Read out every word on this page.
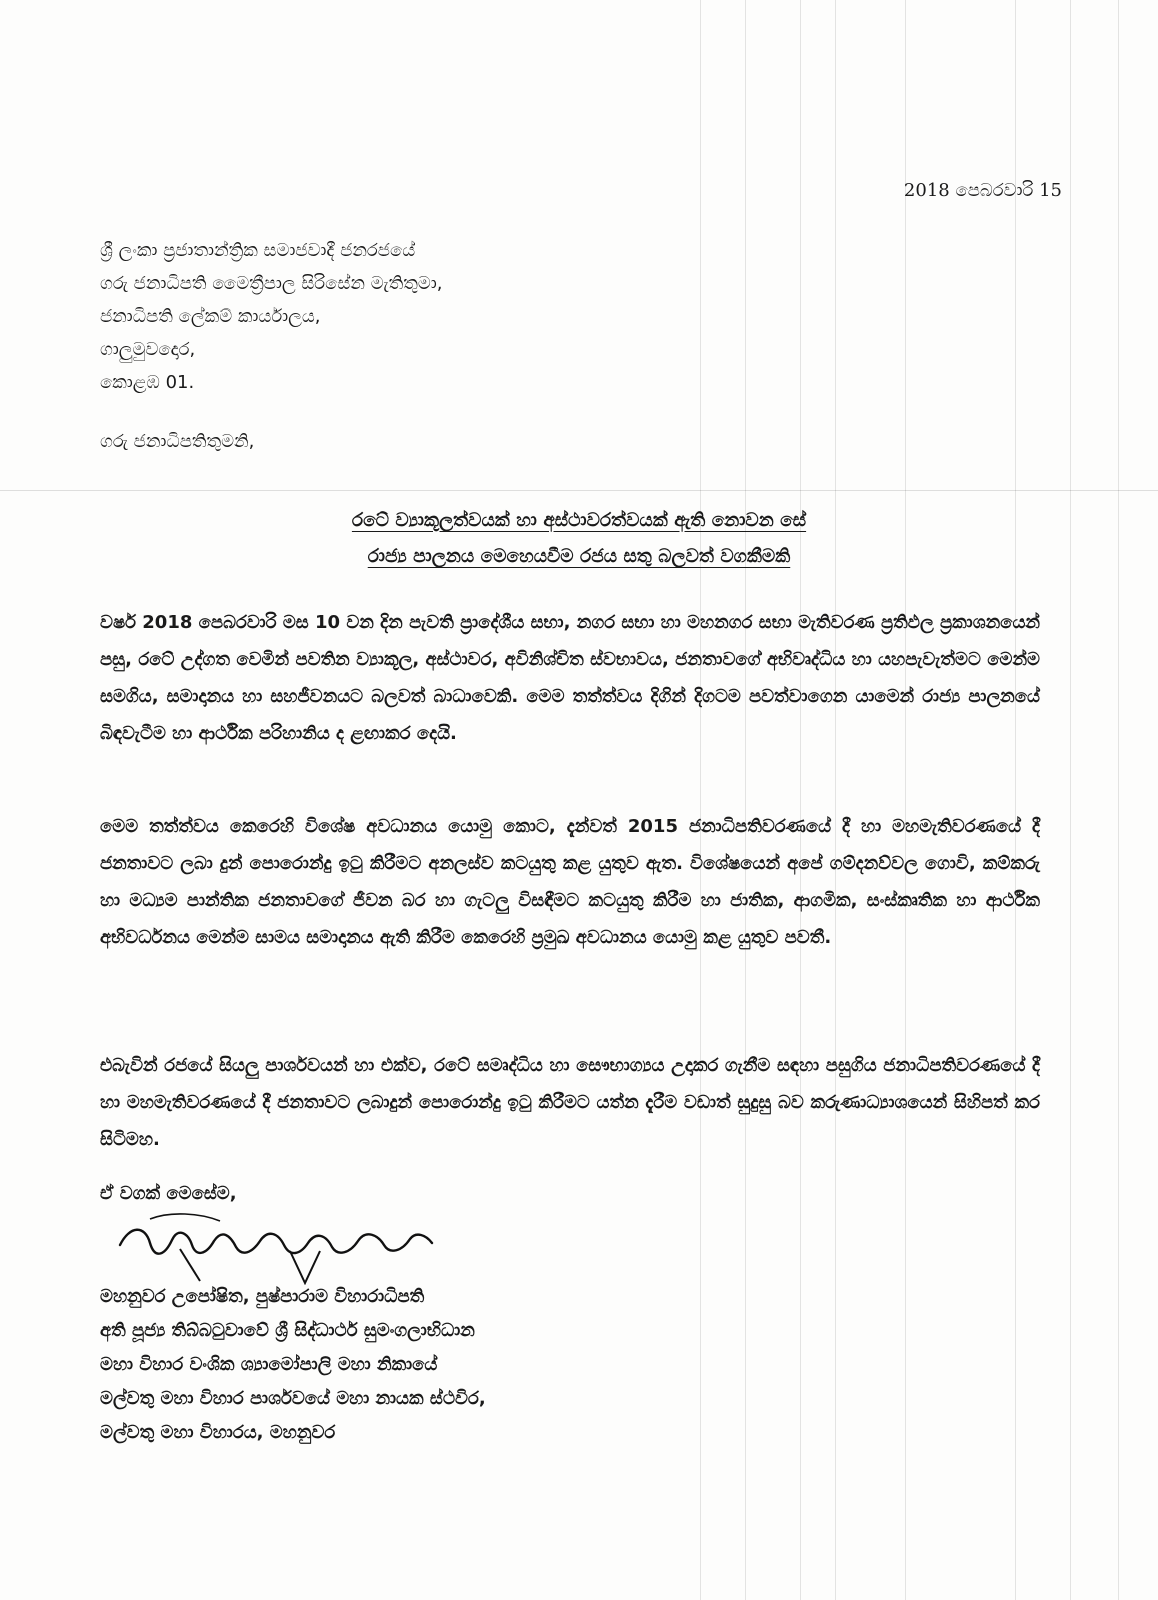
2018 පෙබරවාරි 15
ශ්‍රී ලංකා ප්‍රජාතාන්ත්‍රික සමාජවාදී ජනරජයේ
ගරු ජනාධිපති මෛත්‍රීපාල සිරිසේන මැතිතුමා,
ජනාධිපති ලේකම් කාර්යාලය,
ගාලුමුවදොර,
කොළඹ 01.
ගරු ජනාධිපතිතුමනි,
රටේ ව්‍යාකූලත්වයක් හා අස්ථාවරත්වයක් ඇති නොවන සේ
රාජ්‍ය පාලනය මෙහෙයවීම රජය සතු බලවත් වගකීමකි
වර්ෂ 2018 පෙබරවාරි මස 10 වන දින පැවති ප්‍රාදේශීය සභා, නගර සභා හා මහනගර සභා මැතිවරණ ප්‍රතිඵල ප්‍රකාශනයෙන් පසු, රටේ උද්ගත වෙමින් පවතින ව්‍යාකූල, අස්ථාවර, අවිනිශ්චිත ස්වභාවය, ජනතාවගේ අභිවෘද්ධිය හා යහපැවැත්මට මෙන්ම සමගිය, සමාදානය හා සහජීවනයට බලවත් බාධාවෙකි. මෙම තත්ත්වය දිගින් දිගටම පවත්වාගෙන යාමෙන් රාජ්‍ය පාලනයේ බිඳවැටීම හා ආර්ථික පරිහානිය ද ළඟාකර දෙයි.
මෙම තත්ත්වය කෙරෙහි විශේෂ අවධානය යොමු කොට, දැන්වත් 2015 ජනාධිපතිවරණයේ දී හා මහමැතිවරණයේ දී ජනතාවට ලබා දුන් පොරොන්දු ඉටු කිරීමට අනලස්ව කටයුතු කළ යුතුව ඇත. විශේෂයෙන් අපේ ගම්දනව්වල ගොවි, කම්කරු හා මධ්‍යම පාන්තික ජනතාවගේ ජීවන බර හා ගැටලු විසඳීමට කටයුතු කිරීම හා ජාතික, ආගමික, සංස්කෘතික හා ආර්ථික අභිවර්ධනය මෙන්ම සාමය සමාදානය ඇති කිරීම කෙරෙහි ප්‍රමුඛ අවධානය යොමු කළ යුතුව පවතී.
එබැවින් රජයේ සියලු පාර්ශවයන් හා එක්ව, රටේ සමෘද්ධිය හා සෞභාග්‍යය උදාකර ගැනීම සඳහා පසුගිය ජනාධිපතිවරණයේ දී හා මහමැතිවරණයේ දී ජනතාවට ලබාදුන් පොරොන්දු ඉටු කිරීමට යත්න දැරීම වඩාත් සුදුසු බව කරුණාධ්‍යාශයෙන් සිහිපත් කර සිටිමහ.
ඒ වගක් මෙසේම,
මහනුවර උපෝෂිත, පුෂ්පාරාම විහාරාධිපති
අති පූජ්‍ය තිබ්බටුවාවේ ශ්‍රී සිද්ධාර්ථ සුමංගලාභිධාන
මහා විහාර වංශික ශ්‍යාමෝපාලි මහා නිකායේ
මල්වතු මහා විහාර පාර්ශවයේ මහා නායක ස්ථවිර,
මල්වතු මහා විහාරය, මහනුවර
